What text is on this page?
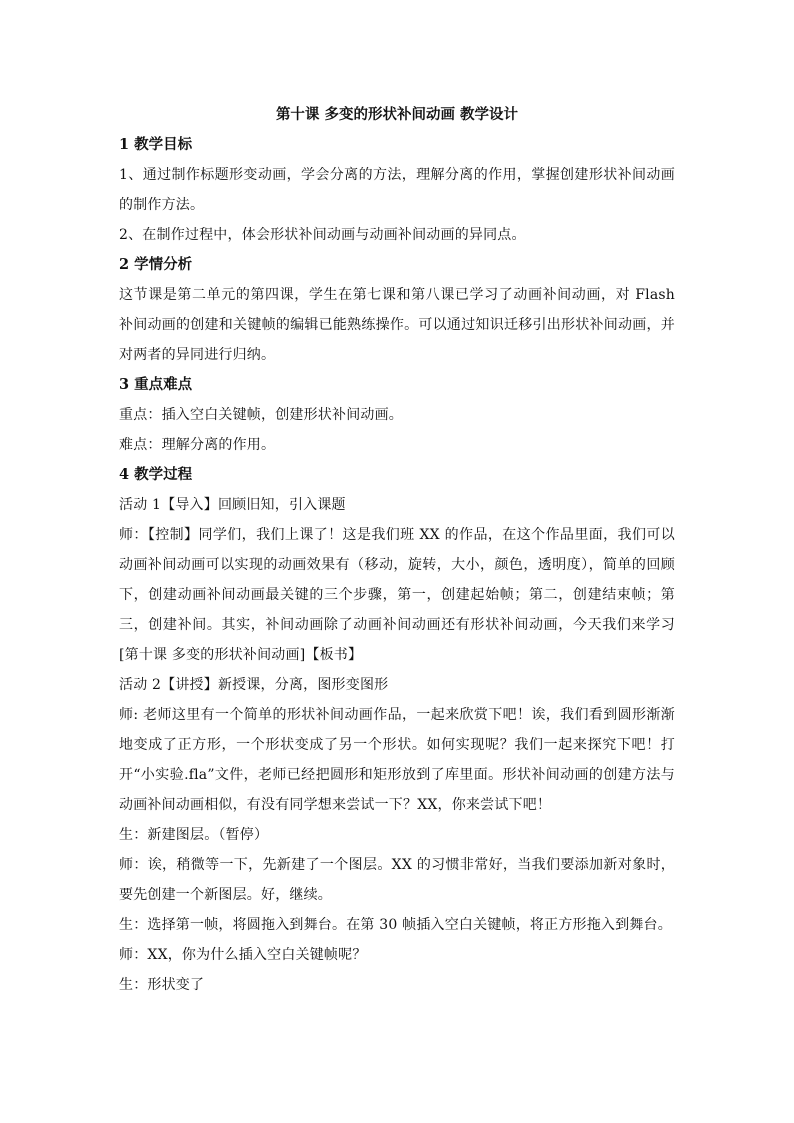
第十课 多变的形状补间动画 教学设计
1 教学目标

1、通过制作标题形变动画，学会分离的方法，理解分离的作用，掌握创建形状补间动画的制作方法。

2、在制作过程中，体会形状补间动画与动画补间动画的异同点。

2 学情分析

这节课是第二单元的第四课，学生在第七课和第八课已学习了动画补间动画，对 Flash 补间动画的创建和关键帧的编辑已能熟练操作。可以通过知识迁移引出形状补间动画，并对两者的异同进行归纳。

3 重点难点

重点：插入空白关键帧，创建形状补间动画。

难点：理解分离的作用。

4 教学过程

活动 1【导入】回顾旧知，引入课题

师：【控制】同学们，我们上课了！这是我们班 XX 的作品，在这个作品里面，我们可以动画补间动画可以实现的动画效果有（移动，旋转，大小，颜色，透明度），简单的回顾下，创建动画补间动画最关键的三个步骤，第一，创建起始帧；第二，创建结束帧；第三，创建补间。其实，补间动画除了动画补间动画还有形状补间动画，今天我们来学习[第十课 多变的形状补间动画]【板书】

活动 2【讲授】新授课，分离，图形变图形

师: 老师这里有一个简单的形状补间动画作品，一起来欣赏下吧！诶，我们看到圆形渐渐地变成了正方形，一个形状变成了另一个形状。如何实现呢？我们一起来探究下吧！打开“小实验.fla”文件，老师已经把圆形和矩形放到了库里面。形状补间动画的创建方法与动画补间动画相似，有没有同学想来尝试一下？XX，你来尝试下吧！

生：新建图层。（暂停）

师：诶，稍微等一下，先新建了一个图层。XX 的习惯非常好，当我们要添加新对象时，要先创建一个新图层。好，继续。

生：选择第一帧，将圆拖入到舞台。在第 30 帧插入空白关键帧，将正方形拖入到舞台。

师：XX，你为什么插入空白关键帧呢？

生：形状变了
